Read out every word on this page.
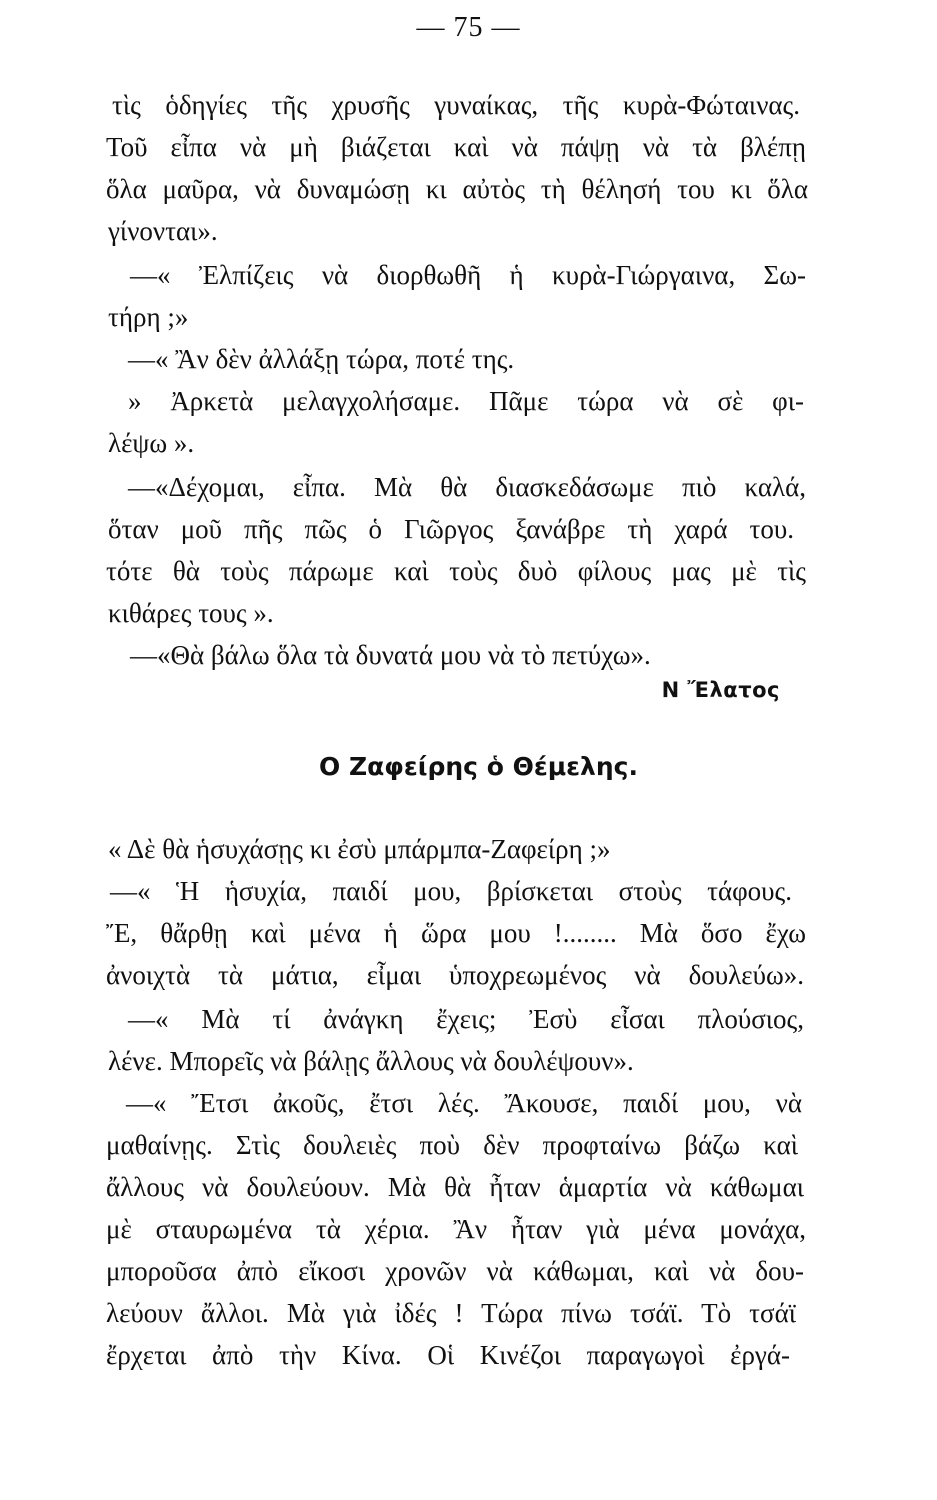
— 75 —
τὶς ὁδηγίες τῆς χρυσῆς γυναίκας, τῆς κυρὰ-Φώταινας.
Τοῦ εἶπα νὰ μὴ βιάζεται καὶ νὰ πάψῃ νὰ τὰ βλέπῃ
ὅλα μαῦρα, νὰ δυναμώσῃ κι αὐτὸς τὴ θέλησή του κι ὅλα
γίνονται».
—« Ἐλπίζεις νὰ διορθωθῆ ἡ κυρὰ-Γιώργαινα, Σω-
τήρη ;»
—« Ἂν δὲν ἀλλάξῃ τώρα, ποτέ της.
» Ἀρκετὰ μελαγχολήσαμε. Πᾶμε τώρα νὰ σὲ φι-
λέψω ».
—«Δέχομαι, εἶπα. Μὰ θὰ διασκεδάσωμε πιὸ καλά,
ὅταν μοῦ πῆς πῶς ὁ Γιῶργος ξανάβρε τὴ χαρά του.
τότε θὰ τοὺς πάρωμε καὶ τοὺς δυὸ φίλους μας μὲ τὶς
κιθάρες τους ».
—«Θὰ βάλω ὅλα τὰ δυνατά μου νὰ τὸ πετύχω».
Ν Ἔλατος
Ο Ζαφείρης ὁ Θέμελης.
« Δὲ θὰ ἡσυχάσῃς κι ἐσὺ μπάρμπα-Ζαφείρη ;»
—« Ἡ ἡσυχία, παιδί μου, βρίσκεται στοὺς τάφους.
Ἔ, θἄρθῃ καὶ μένα ἡ ὥρα μου !........ Μὰ ὅσο ἔχω
ἀνοιχτὰ τὰ μάτια, εἶμαι ὑποχρεωμένος νὰ δουλεύω».
—« Μὰ τί ἀνάγκη ἔχεις; Ἐσὺ εἶσαι πλούσιος,
λένε. Μπορεῖς νὰ βάλῃς ἄλλους νὰ δουλέψουν».
—« Ἔτσι ἀκοῦς, ἔτσι λές. Ἄκουσε, παιδί μου, νὰ
μαθαίνῃς. Στὶς δουλειὲς ποὺ δὲν προφταίνω βάζω καὶ
ἄλλους νὰ δουλεύουν. Μὰ θὰ ἦταν ἁμαρτία νὰ κάθωμαι
μὲ σταυρωμένα τὰ χέρια. Ἂν ἦταν γιὰ μένα μονάχα,
μποροῦσα ἀπὸ εἴκοσι χρονῶν νὰ κάθωμαι, καὶ νὰ δου-
λεύουν ἄλλοι. Μὰ γιὰ ἰδές ! Τώρα πίνω τσάϊ. Τὸ τσάϊ
ἔρχεται ἀπὸ τὴν Κίνα. Οἱ Κινέζοι παραγωγοὶ ἐργά-
